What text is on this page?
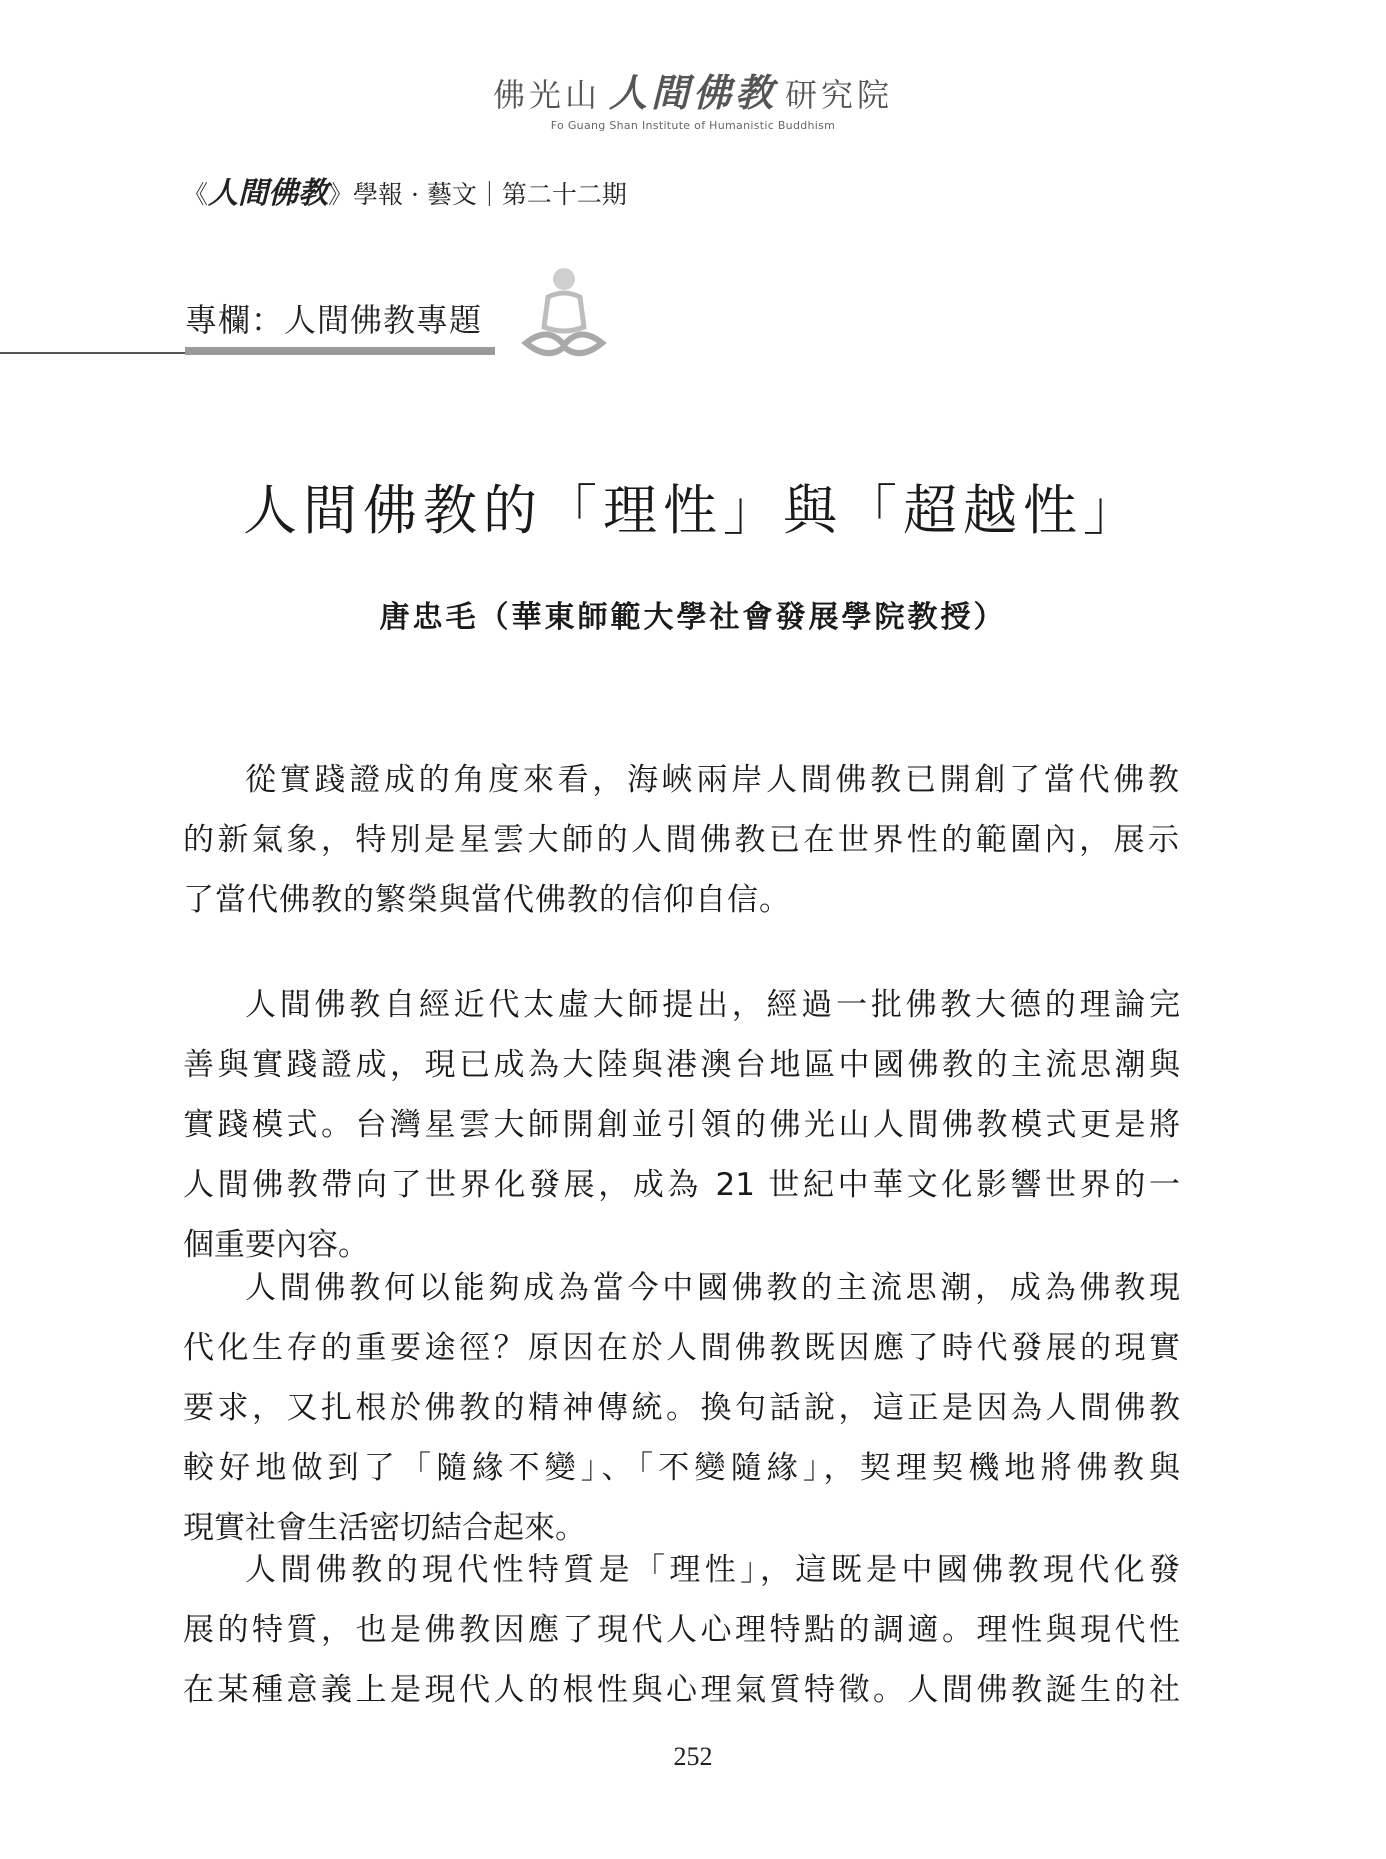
佛光山 人間佛教 研究院
Fo Guang Shan Institute of Humanistic Buddhism
《人間佛教》學報 · 藝文｜第二十二期
專欄：人間佛教專題
人間佛教的「理性」與「超越性」
唐忠毛（華東師範大學社會發展學院教授）
從實踐證成的角度來看，海峽兩岸人間佛教已開創了當代佛教
的新氣象，特別是星雲大師的人間佛教已在世界性的範圍內，展示
了當代佛教的繁榮與當代佛教的信仰自信。
人間佛教自經近代太虛大師提出，經過一批佛教大德的理論完
善與實踐證成，現已成為大陸與港澳台地區中國佛教的主流思潮與
實踐模式。台灣星雲大師開創並引領的佛光山人間佛教模式更是將
人間佛教帶向了世界化發展，成為 21 世紀中華文化影響世界的一
個重要內容。
人間佛教何以能夠成為當今中國佛教的主流思潮，成為佛教現
代化生存的重要途徑？原因在於人間佛教既因應了時代發展的現實
要求，又扎根於佛教的精神傳統。換句話說，這正是因為人間佛教
較好地做到了「隨緣不變」、「不變隨緣」，契理契機地將佛教與
現實社會生活密切結合起來。
人間佛教的現代性特質是「理性」，這既是中國佛教現代化發
展的特質，也是佛教因應了現代人心理特點的調適。理性與現代性
在某種意義上是現代人的根性與心理氣質特徵。人間佛教誕生的社
252
